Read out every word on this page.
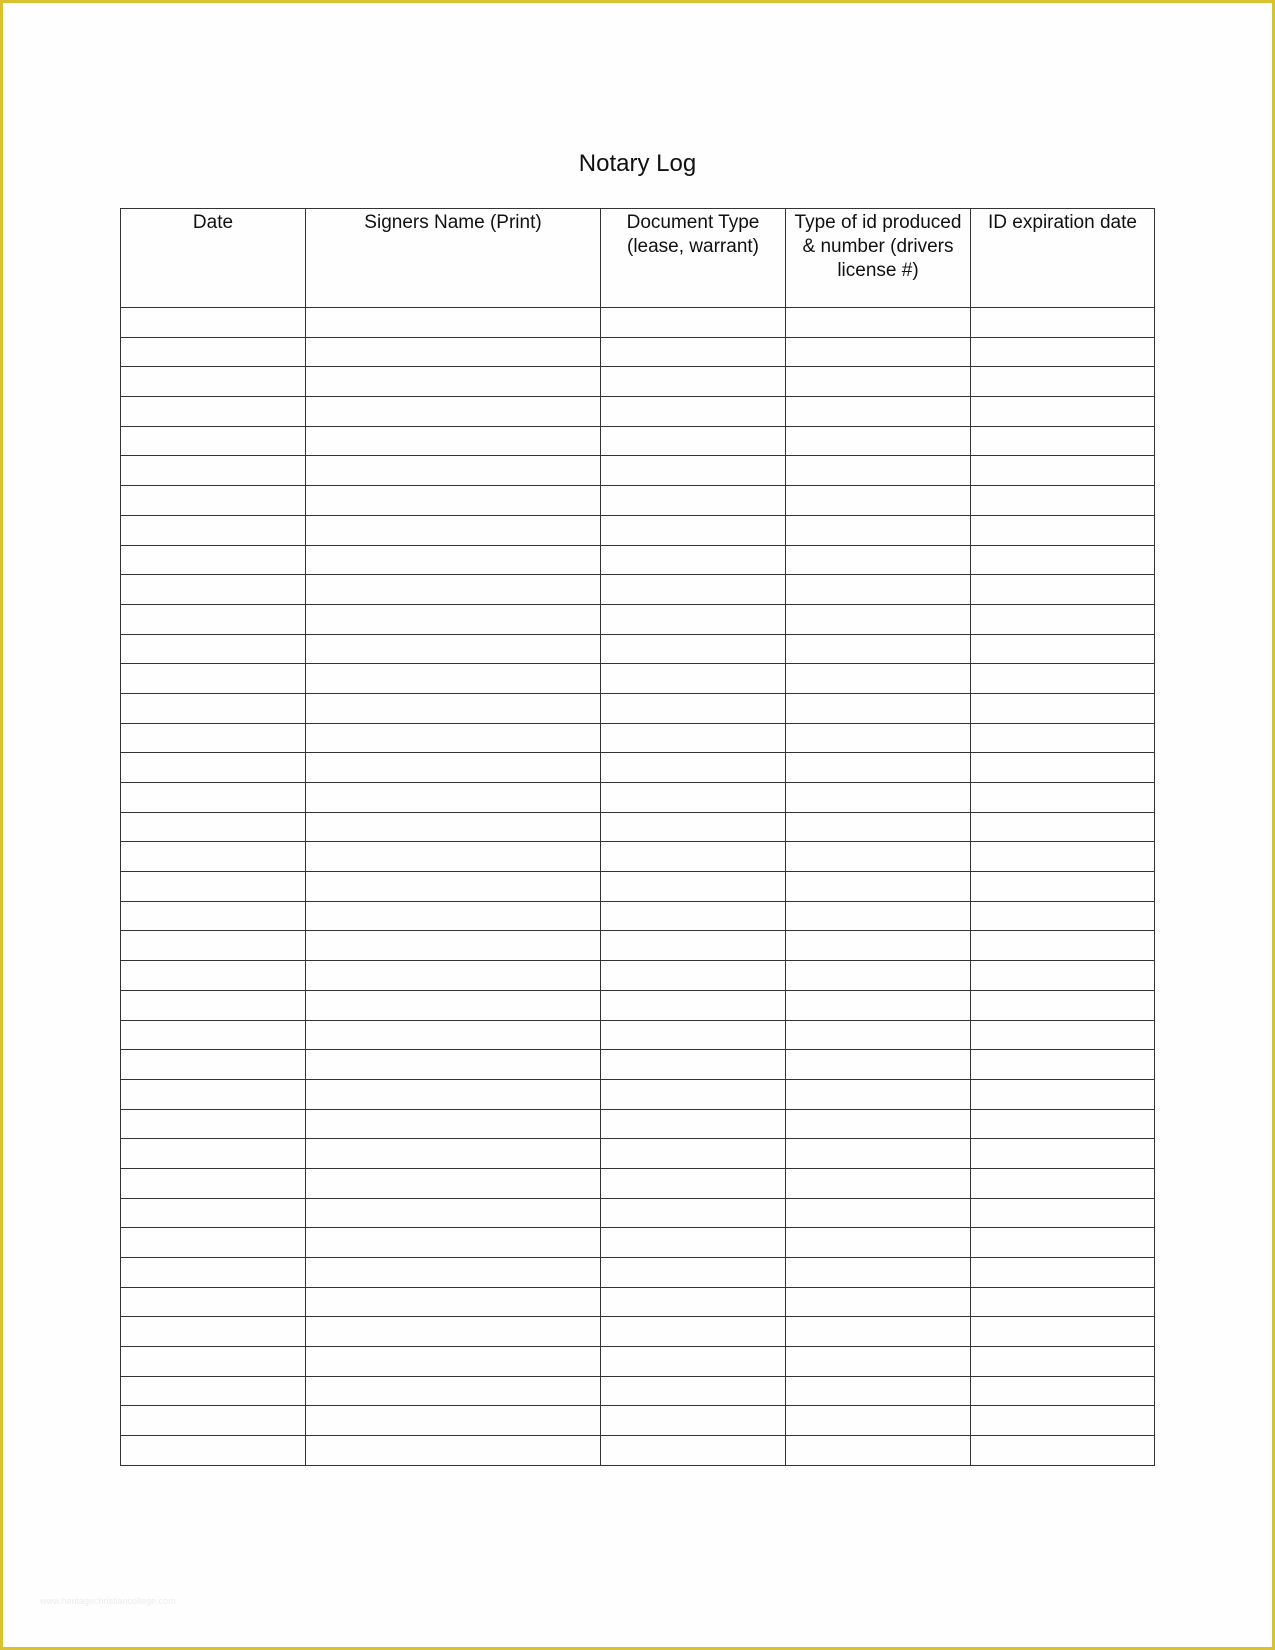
Notary Log
Date	Signers Name (Print)	Document Type (lease, warrant)	Type of id produced & number (drivers license #)	ID expiration date

www.heritagechristiancollege.com
